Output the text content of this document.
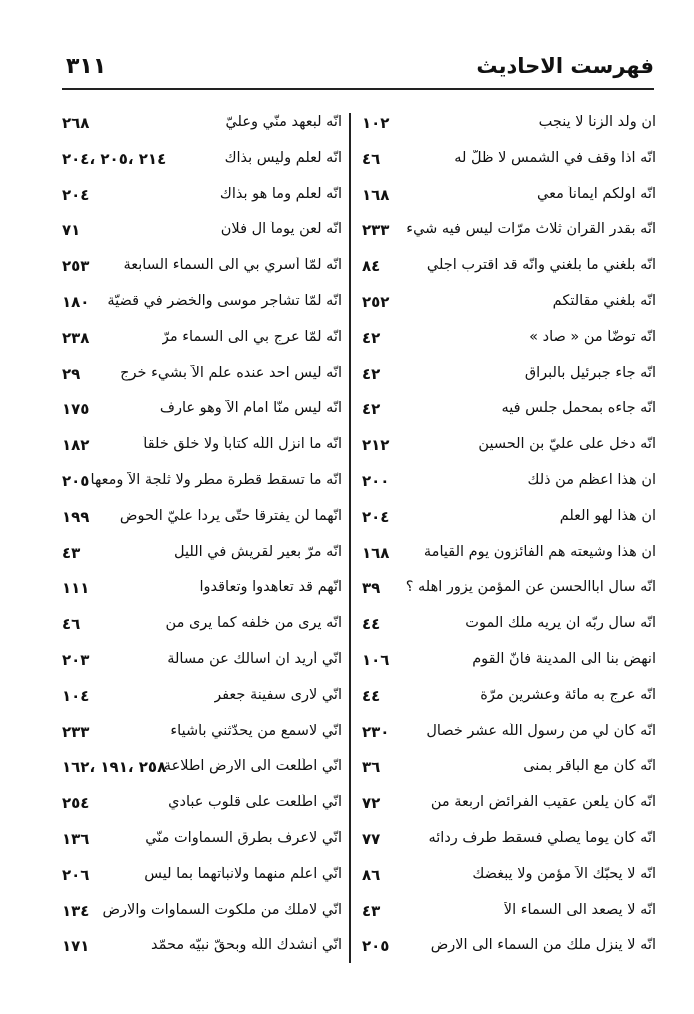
فهرست الاحاديث
٣١١
ان ولد الزنا لا ينجب
١٠٢
انّه اذا وقف في الشمس لا ظلّ له
٤٦
انّه اولكم ايماناً معي
١٦٨
انّه بقدر القرآن ثلاث مرّات ليس فيه شيء
٢٣٣
انّه بلغني ما بلغني وانّه قد اقترب اجلي
٨٤
انّه بلغني مقالتكم
٢٥٢
انّه توضّأ من « صاد »
٤٢
انّه جاء جبرئيل بالبراق
٤٢
انّه جاءه بمحمل جلس فيه
٤٢
انّه دخل على عليّ بن الحسين
٢١٢
ان هذا اعظم من ذلك
٢٠٠
ان هذا لهو العلم
٢٠٤
ان هذا وشيعته هم الفائزون يوم القيامة
١٦٨
انّه سأل اباالحسن عن المؤمن يزور اهله ؟
٣٩
انّه سأل ربّه ان يريه ملك الموت
٤٤
انهض بنا الى المدينة فانّ القوم
١٠٦
انّه عرج به مائة وعشرين مرّة
٤٤
انّه كان لي من رسول اللّه عشر خصال
٢٣٠
انّه كان مع الباقر بمنى
٣٦
انّه كان يلعن عقيب الفرائض اربعة من
٧٢
انّه كان يوماً يصلّي فسقط طرف ردائه
٧٧
انّه لا يحبّك الاّ مؤمن ولا يبغضك
٨٦
انّه لا يصعد الى السماء الاّ
٤٣
انّه لا ينزل ملك من السماء الى الارض
٢٠٥
انّه لبعهد منّي وعليّ
٢٦٨
انّه لعلم وليس بذاك
٢١٤ ،٢٠٥ ،٢٠٤
انّه لعلم وما هو بذاك
٢٠٤
انّه لعن يوماً آل فلان
٧١
انّه لمّا أسري بي الى السماء السابعة
٢٥٣
انّه لمّا تشاجر موسى والخضر في قضيّة
١٨٠
انّه لمّا عرج بي الى السماء مرّ
٢٣٨
انّه ليس احد عنده علم الاّ بشيء خرج
٢٩
انّه ليس منّا امام الاّ وهو عارف
١٧٥
انّه ما انزل اللّه كتاباً ولا خلق خلقاً
١٨٢
انّه ما تسقط قطرة مطر ولا ثلجة الاّ ومعها
٢٠٥
انّهما لن يفترقا حتّى يردا عليّ الحوض
١٩٩
انّه مرّ بعير لقريش في الليل
٤٣
انّهم قد تعاهدوا وتعاقدوا
١١١
انّه يرى من خلفه كما يرى من
٤٦
انّي أريد ان اسألك عن مسألة
٢٠٣
انّي لارى سفينة جعفر
١٠٤
انّي لاسمع من يحدّثني بأشياء
٢٣٣
انّي اطّلعت الى الارض اطلاعة
٢٥٨ ،١٩١ ،١٦٢
انّي اطّلعت على قلوب عبادي
٢٥٤
انّي لاعرف بطرق السماوات منّي
١٣٦
انّي اعلم منهما ولانبأتهما بما ليس
٢٠٦
انّي لاملك من ملكوت السماوات والارض
١٣٤
انّي أنشدك اللّه وبحقّ نبيّه محمّد
١٧١
